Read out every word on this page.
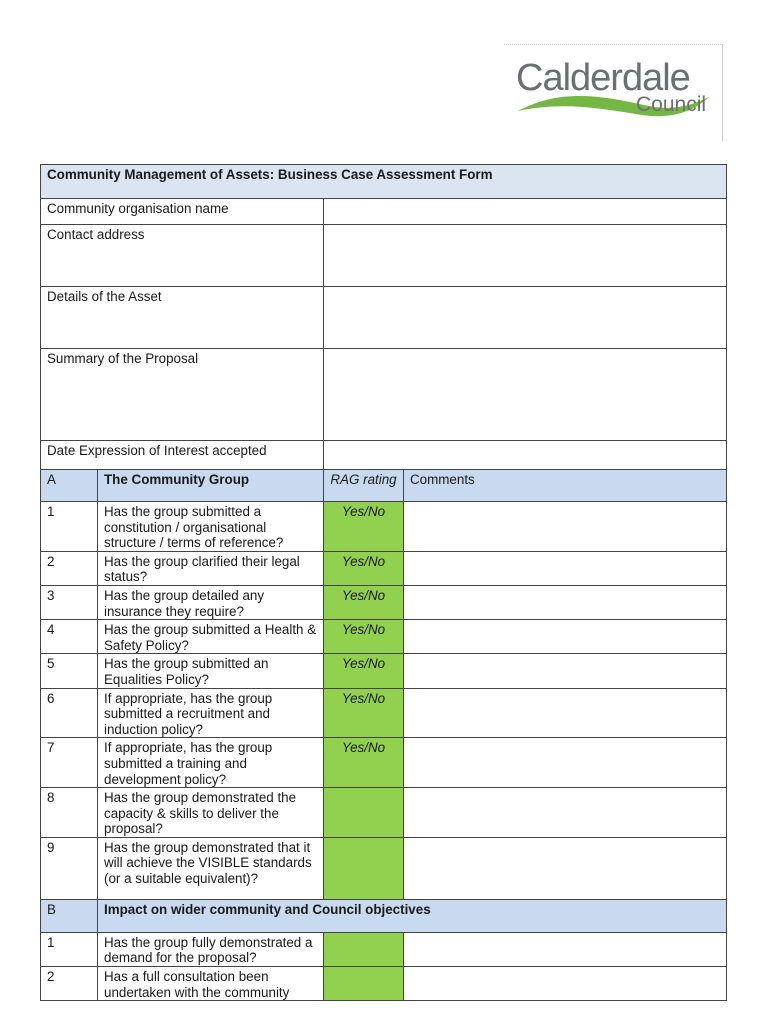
Calderdale
Council
Community Management of Assets: Business Case Assessment Form			
Community organisation name			
Contact address			
Details of the Asset			
Summary of the Proposal			
Date Expression of Interest accepted			
A	The Community Group	RAG rating	Comments
1	Has the group submitted a constitution / organisational structure / terms of reference?	Yes/No	
2	Has the group clarified their legal status?	Yes/No	
3	Has the group detailed any insurance they require?	Yes/No	
4	Has the group submitted a Health & Safety Policy?	Yes/No	
5	Has the group submitted an Equalities Policy?	Yes/No	
6	If appropriate, has the group submitted a recruitment and induction policy?	Yes/No	
7	If appropriate, has the group submitted a training and development policy?	Yes/No	
8	Has the group demonstrated the capacity & skills to deliver the proposal?		
9	Has the group demonstrated that it will achieve the VISIBLE standards (or a suitable equivalent)?		
B	Impact on wider community and Council objectives		
1	Has the group fully demonstrated a demand for the proposal?		
2	Has a full consultation been undertaken with the community		
